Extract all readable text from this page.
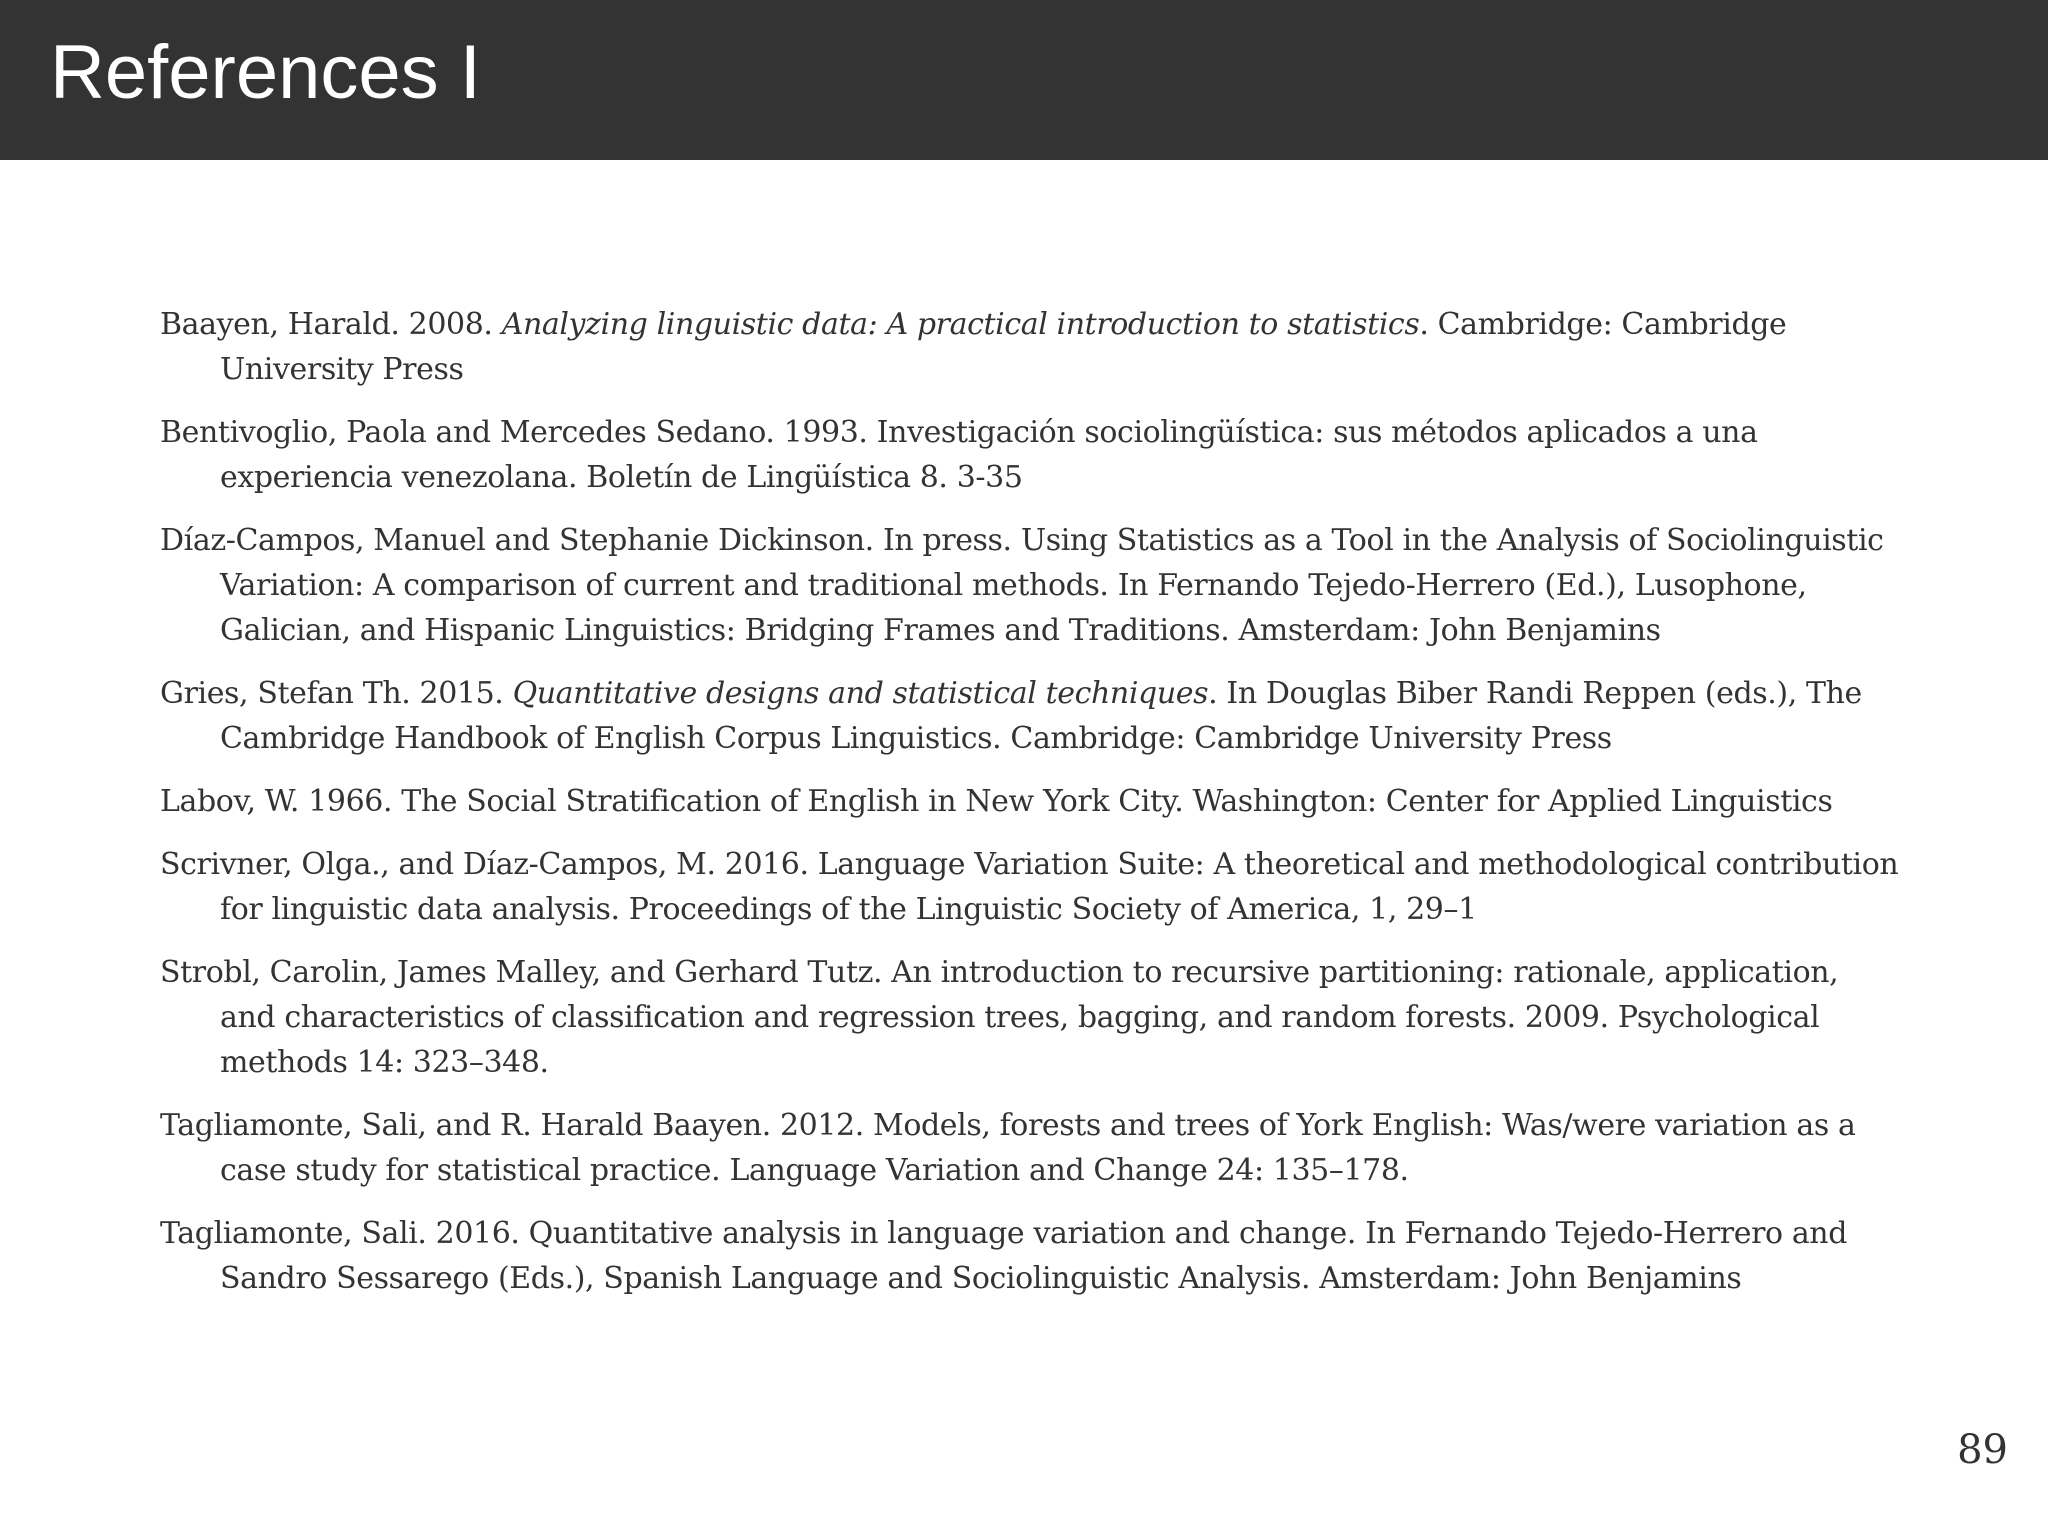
References I
Baayen, Harald. 2008. Analyzing linguistic data: A practical introduction to statistics. Cambridge: Cambridge University Press
Bentivoglio, Paola and Mercedes Sedano. 1993. Investigación sociolingüística: sus métodos aplicados a una experiencia venezolana. Boletín de Lingüística 8. 3-35
Díaz-Campos, Manuel and Stephanie Dickinson. In press. Using Statistics as a Tool in the Analysis of Sociolinguistic Variation: A comparison of current and traditional methods. In Fernando Tejedo-Herrero (Ed.), Lusophone, Galician, and Hispanic Linguistics: Bridging Frames and Traditions. Amsterdam: John Benjamins
Gries, Stefan Th. 2015. Quantitative designs and statistical techniques. In Douglas Biber Randi Reppen (eds.), The Cambridge Handbook of English Corpus Linguistics. Cambridge: Cambridge University Press
Labov, W. 1966. The Social Stratification of English in New York City. Washington: Center for Applied Linguistics
Scrivner, Olga., and Díaz-Campos, M. 2016. Language Variation Suite: A theoretical and methodological contribution for linguistic data analysis. Proceedings of the Linguistic Society of America, 1, 29–1
Strobl, Carolin, James Malley, and Gerhard Tutz. An introduction to recursive partitioning: rationale, application, and characteristics of classification and regression trees, bagging, and random forests. 2009. Psychological methods 14: 323–348.
Tagliamonte, Sali, and R. Harald Baayen. 2012. Models, forests and trees of York English: Was/were variation as a case study for statistical practice. Language Variation and Change 24: 135–178.
Tagliamonte, Sali. 2016. Quantitative analysis in language variation and change. In Fernando Tejedo-Herrero and Sandro Sessarego (Eds.), Spanish Language and Sociolinguistic Analysis. Amsterdam: John Benjamins
89
